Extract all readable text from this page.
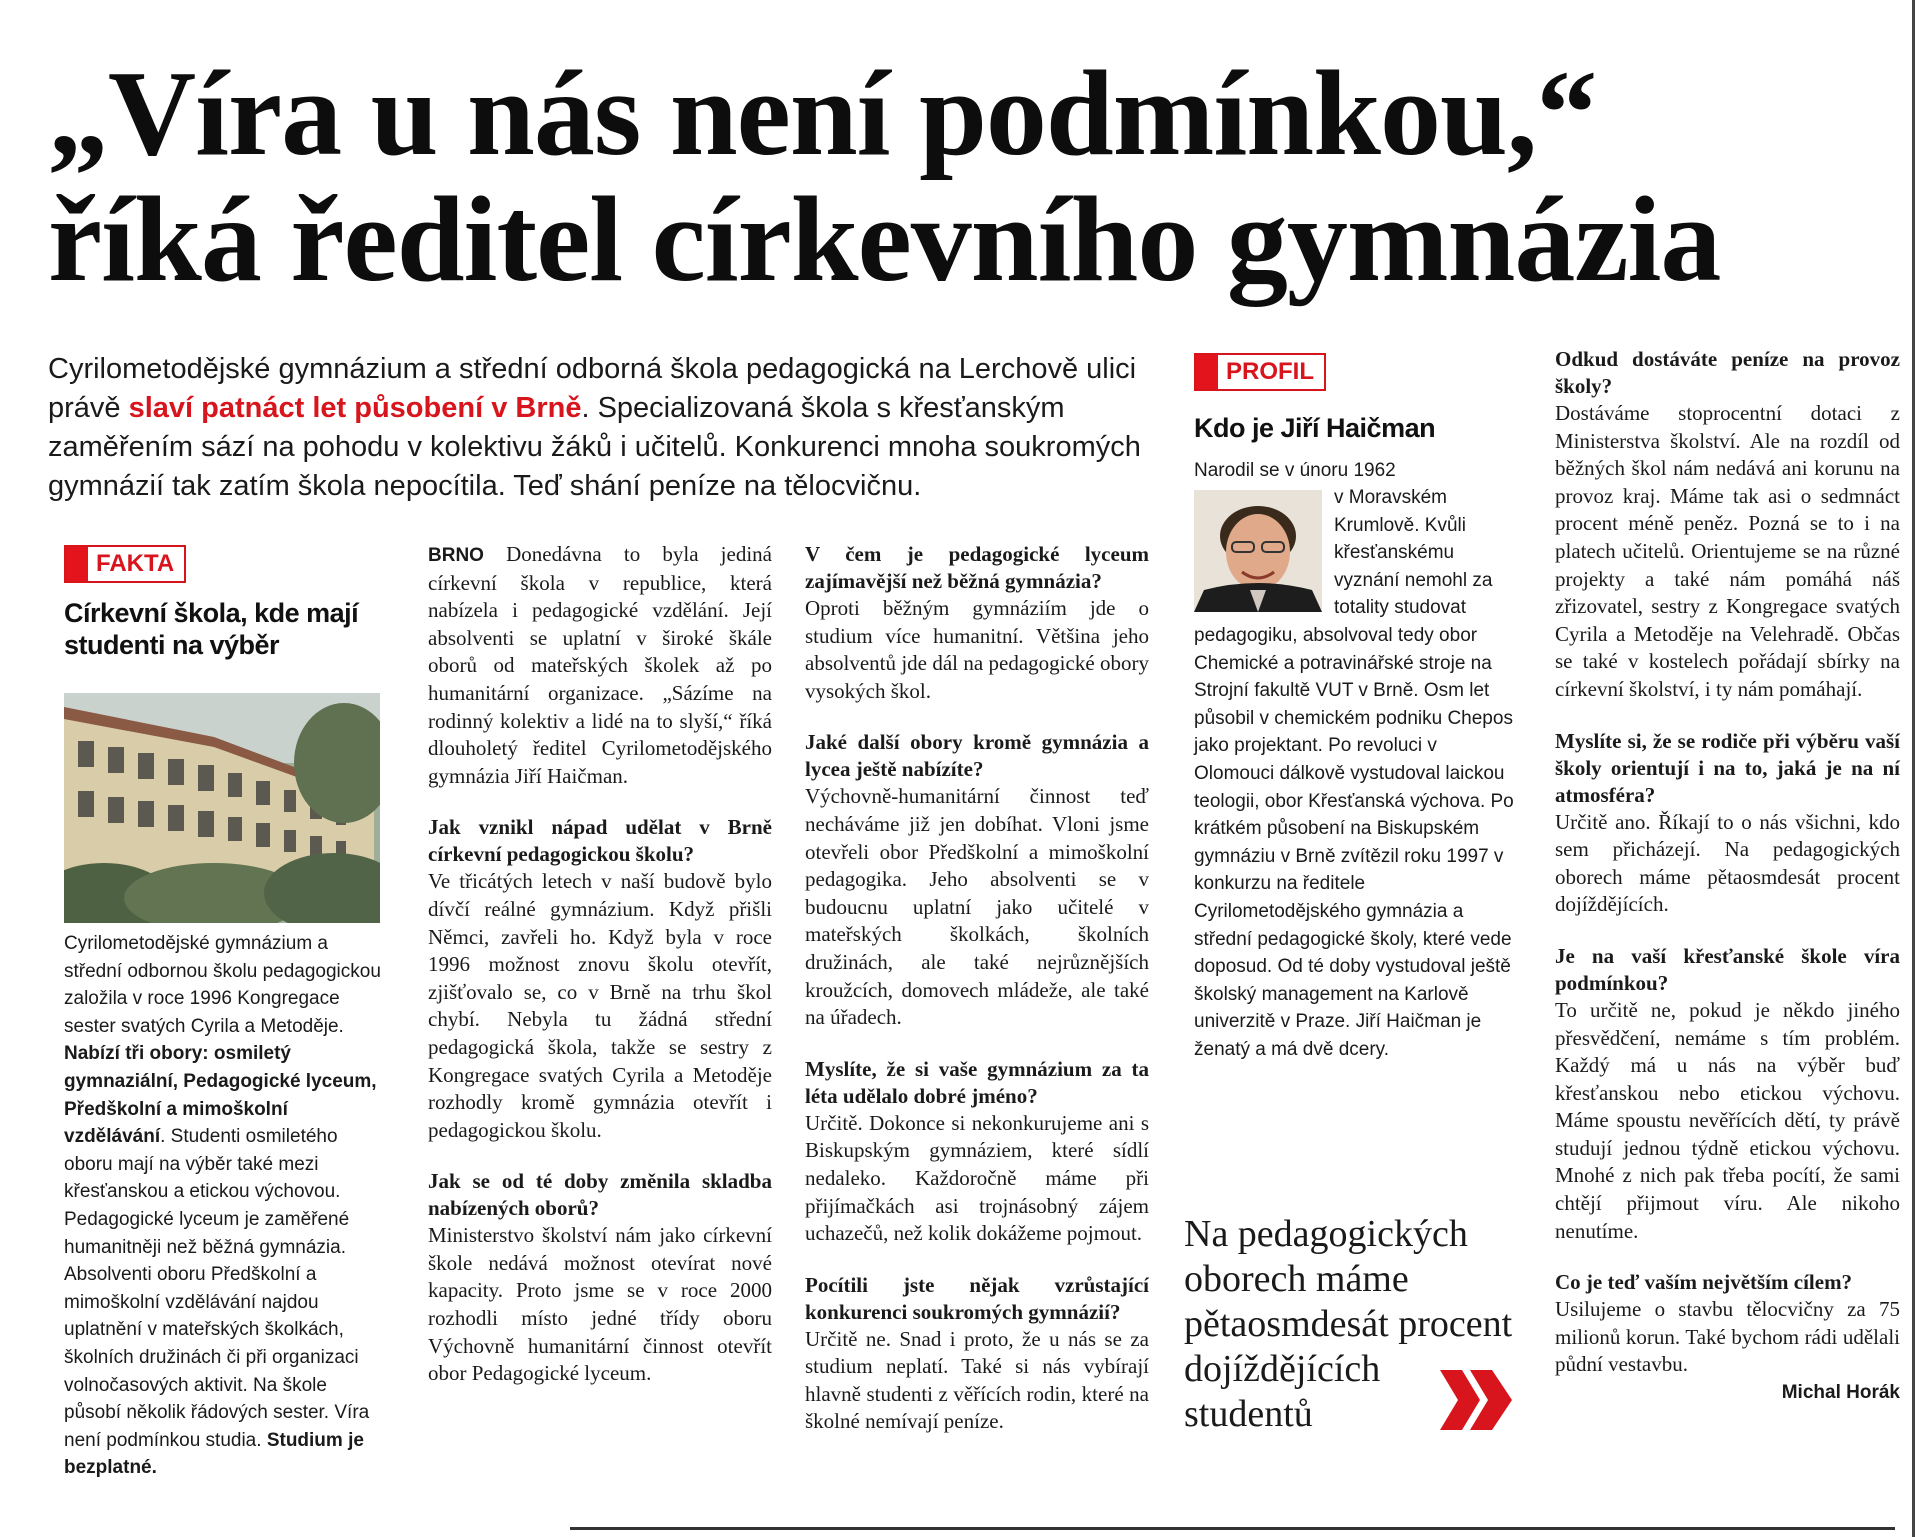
„Víra u nás není podmínkou,“
říká ředitel církevního gymnázia
Cyrilometodějské gymnázium a střední odborná škola pedagogická na Lerchově ulici právě slaví patnáct let působení v Brně. Specializovaná škola s křesťanským zaměřením sází na pohodu v kolektivu žáků i učitelů. Konkurenci mnoha soukromých gymnázií tak zatím škola nepocítila. Teď shání peníze na tělocvičnu.
FAKTA
Církevní škola, kde mají studenti na výběr
Cyrilometodějské gymnázium a střední odbornou školu pedagogickou založila v roce 1996 Kongregace sester svatých Cyrila a Metoděje. Nabízí tři obory: osmiletý gymnaziální, Pedagogické lyceum, Předškolní a mimoškolní vzdělávání. Studenti osmiletého oboru mají na výběr také mezi křesťanskou a etickou výchovou. Pedagogické lyceum je zaměřené humanitněji než běžná gymnázia. Absolventi oboru Předškolní a mimoškolní vzdělávání najdou uplatnění v mateřských školkách, školních družinách či při organizaci volnočasových aktivit. Na škole působí několik řádových sester. Víra není podmínkou studia. Studium je bezplatné.

BRNO Donedávna to byla jediná církevní škola v republice, která nabízela i pedagogické vzdělání. Její absolventi se uplatní v široké škále oborů od mateřských školek až po humanitární organizace. „Sázíme na rodinný kolektiv a lidé na to slyší,“ říká dlouholetý ředitel Cyrilometodějského gymnázia Jiří Haičman.

Jak vznikl nápad udělat v Brně církevní pedagogickou školu?

Ve třicátých letech v naší budově bylo dívčí reálné gymnázium. Když přišli Němci, zavřeli ho. Když byla v roce 1996 možnost znovu školu otevřít, zjišťovalo se, co v Brně na trhu škol chybí. Nebyla tu žádná střední pedagogická škola, takže se sestry z Kongregace svatých Cyrila a Metoděje rozhodly kromě gymnázia otevřít i pedagogickou školu.

Jak se od té doby změnila skladba nabízených oborů?

Ministerstvo školství nám jako církevní škole nedává možnost otevírat nové kapacity. Proto jsme se v roce 2000 rozhodli místo jedné třídy oboru Výchovně humanitární činnost otevřít obor Pedagogické lyceum.

V čem je pedagogické lyceum zajímavější než běžná gymnázia?

Oproti běžným gymnáziím jde o studium více humanitní. Většina jeho absolventů jde dál na pedagogické obory vysokých škol.

Jaké další obory kromě gymnázia a lycea ještě nabízíte?

Výchovně-humanitární činnost teď necháváme již jen dobíhat. Vloni jsme otevřeli obor Předškolní a mimoškolní pedagogika. Jeho absolventi se v budoucnu uplatní jako učitelé v mateřských školkách, školních družinách, ale také nejrůznějších kroužcích, domovech mládeže, ale také na úřadech.

Myslíte, že si vaše gymnázium za ta léta udělalo dobré jméno?

Určitě. Dokonce si nekonkurujeme ani s Biskupským gymnáziem, které sídlí nedaleko. Každoročně máme při přijímačkách asi trojnásobný zájem uchazečů, než kolik dokážeme pojmout.

Pocítili jste nějak vzrůstající konkurenci soukromých gymnázií?

Určitě ne. Snad i proto, že u nás se za studium neplatí. Také si nás vybírají hlavně studenti z věřících rodin, které na školné nemívají peníze.

PROFIL
Kdo je Jiří Haičman
Narodil se v únoru 1962
v Moravském Krumlově. Kvůli křesťanskému vyznání nemohl za totality studovat
pedagogiku, absolvoval tedy obor Chemické a potravinářské stroje na Strojní fakultě VUT v Brně. Osm let působil v chemickém podniku Chepos jako projektant. Po revoluci v Olomouci dálkově vystudoval laickou teologii, obor Křesťanská výchova. Po krátkém působení na Biskupském gymnáziu v Brně zvítězil roku 1997 v konkurzu na ředitele Cyrilometodějského gymnázia a střední pedagogické školy, které vede doposud. Od té doby vystudoval ještě školský management na Karlově univerzitě v Praze. Jiří Haičman je ženatý a má dvě dcery.
Na pedagogických oborech máme pětaosmdesát procent dojíždějících studentů

Odkud dostáváte peníze na provoz školy?

Dostáváme stoprocentní dotaci z Ministerstva školství. Ale na rozdíl od běžných škol nám nedává ani korunu na provoz kraj. Máme tak asi o sedmnáct procent méně peněz. Pozná se to i na platech učitelů. Orientujeme se na různé projekty a také nám pomáhá náš zřizovatel, sestry z Kongregace svatých Cyrila a Metoděje na Velehradě. Občas se také v kostelech pořádají sbírky na církevní školství, i ty nám pomáhají.

Myslíte si, že se rodiče při výběru vaší školy orientují i na to, jaká je na ní atmosféra?

Určitě ano. Říkají to o nás všichni, kdo sem přicházejí. Na pedagogických oborech máme pětaosmdesát procent dojíždějících.

Je na vaší křesťanské škole víra podmínkou?

To určitě ne, pokud je někdo jiného přesvědčení, nemáme s tím problém. Každý má u nás na výběr buď křesťanskou nebo etickou výchovu. Máme spoustu nevěřících dětí, ty právě studují jednou týdně etickou výchovu. Mnohé z nich pak třeba pocítí, že sami chtějí přijmout víru. Ale nikoho nenutíme.

Co je teď vaším největším cílem?

Usilujeme o stavbu tělocvičny za 75 milionů korun. Také bychom rádi udělali půdní vestavbu.

Michal Horák
